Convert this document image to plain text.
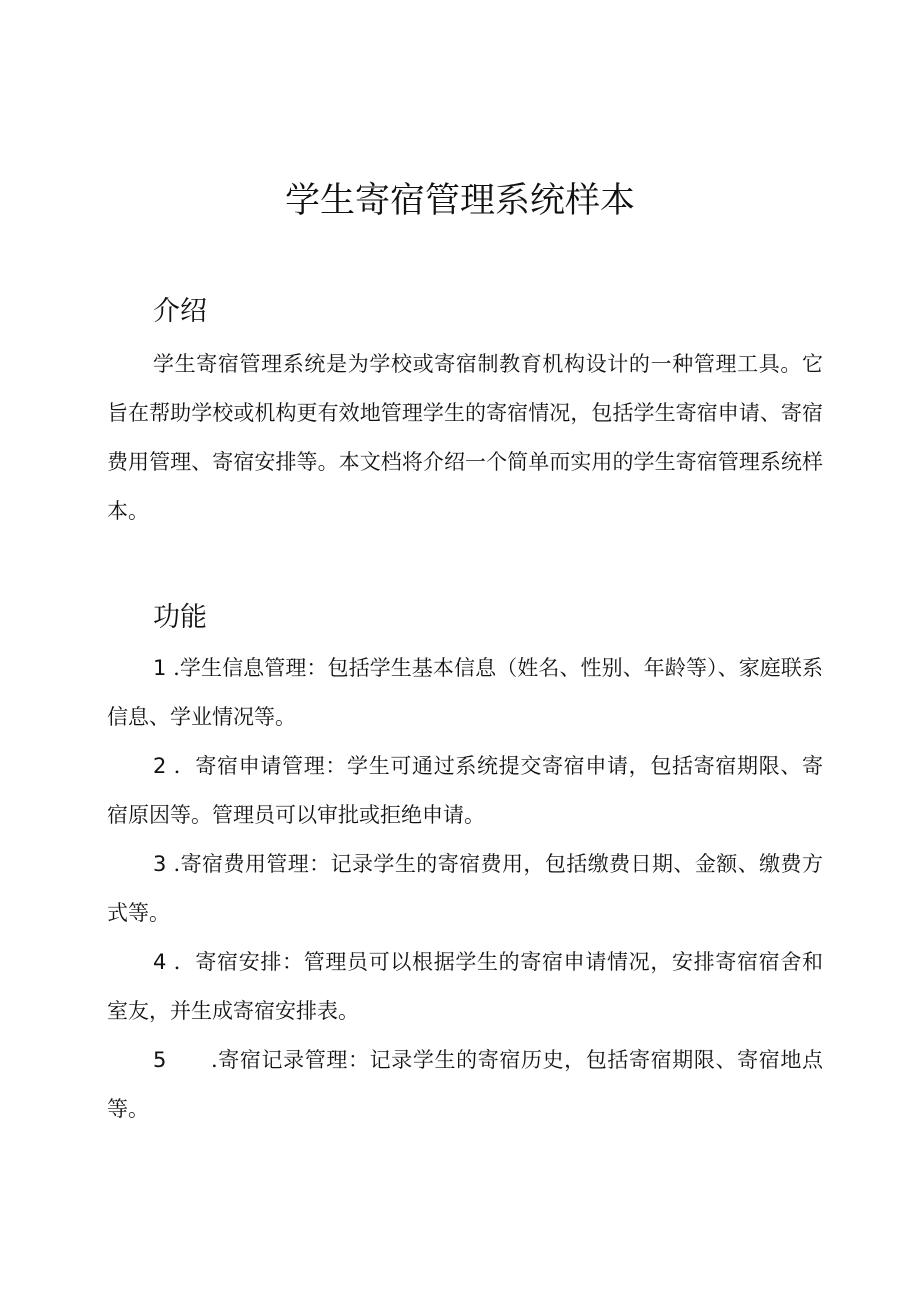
学生寄宿管理系统样本
介绍

学生寄宿管理系统是为学校或寄宿制教育机构设计的一种管理工具。它旨在帮助学校或机构更有效地管理学生的寄宿情况，包括学生寄宿申请、寄宿费用管理、寄宿安排等。本文档将介绍一个简单而实用的学生寄宿管理系统样本。

功能

1 .学生信息管理：包括学生基本信息（姓名、性别、年龄等）、家庭联系信息、学业情况等。

2 ．寄宿申请管理：学生可通过系统提交寄宿申请，包括寄宿期限、寄宿原因等。管理员可以审批或拒绝申请。

3 .寄宿费用管理：记录学生的寄宿费用，包括缴费日期、金额、缴费方式等。

4 ．寄宿安排：管理员可以根据学生的寄宿申请情况，安排寄宿宿舍和室友，并生成寄宿安排表。

5 .寄宿记录管理：记录学生的寄宿历史，包括寄宿期限、寄宿地点等。
